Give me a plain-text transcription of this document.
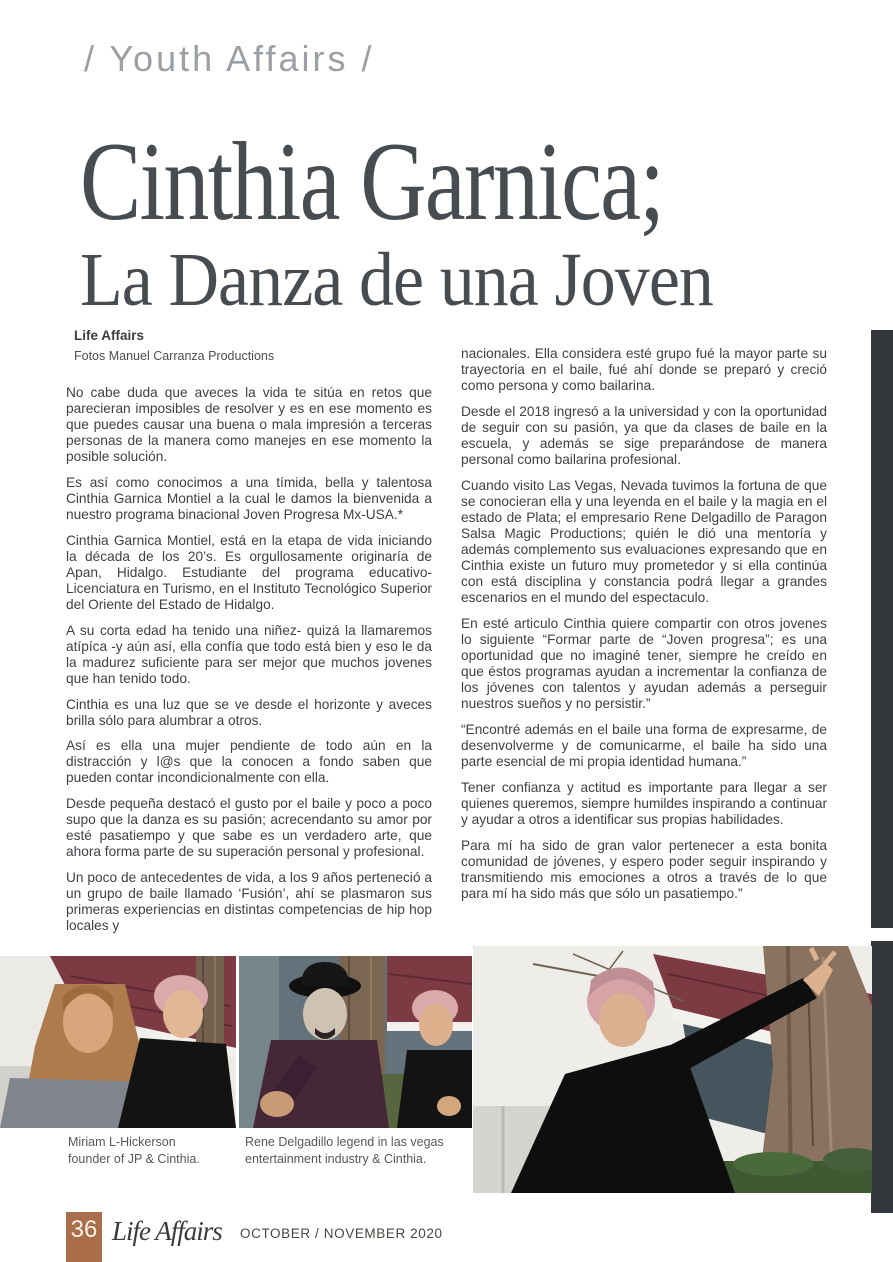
/ Youth Affairs /
Cinthia Garnica;
La Danza de una Joven
Life Affairs
Fotos Manuel Carranza Productions

No cabe duda que aveces la vida te sitúa en retos que parecieran imposibles de resolver y es en ese momento es que puedes causar una buena o mala impresión a terceras personas de la manera como manejes en ese momento la posible solución.

Es así como conocimos a una tímida, bella y talentosa Cinthia Garnica Montiel a la cual le damos la bienvenida a nuestro programa binacional Joven Progresa Mx-USA.*

Cinthia Garnica Montiel, está en la etapa de vida iniciando la década de los 20’s. Es orgullosamente originaría de Apan, Hidalgo. Estudiante del programa educativo- Licenciatura en Turismo, en el Instituto Tecnológico Superior del Oriente del Estado de Hidalgo.

A su corta edad ha tenido una niñez- quizá la llamaremos atípíca -y aún así, ella confía que todo está bien y eso le da la madurez suficiente para ser mejor que muchos jovenes que han tenido todo.

Cinthia es una luz que se ve desde el horizonte y aveces brilla sólo para alumbrar a otros.

Así es ella una mujer pendiente de todo aún en la distracción y l@s que la conocen a fondo saben que pueden contar incondicionalmente con ella.

Desde pequeña destacó el gusto por el baile y poco a poco supo que la danza es su pasión; acrecendanto su amor por esté pasatiempo y que sabe es un verdadero arte, que ahora forma parte de su superación personal y profesional.

Un poco de antecedentes de vida, a los 9 años perteneció a un grupo de baile llamado ‘Fusión’, ahí se plasmaron sus primeras experiencias en distintas competencias de hip hop locales y

nacionales. Ella considera esté grupo fué la mayor parte su trayectoria en el baile, fué ahí donde se preparó y creció como persona y como bailarina.

Desde el 2018 ingresó a la universidad y con la oportunidad de seguir con su pasión, ya que da clases de baile en la escuela, y además se sige preparándose de manera personal como bailarina profesional.

Cuando visito Las Vegas, Nevada tuvimos la fortuna de que se conocieran ella y una leyenda en el baile y la magia en el estado de Plata; el empresario Rene Delgadillo de Paragon Salsa Magic Productions; quién le dió una mentoría y además complemento sus evaluaciones expresando que en Cinthia existe un futuro muy prometedor y si ella continúa con está disciplina y constancia podrá llegar a grandes escenarios en el mundo del espectaculo.

En esté articulo Cinthia quiere compartir con otros jovenes lo siguiente “Formar parte de “Joven progresa”; es una oportunidad que no imaginé tener, siempre he creído en que éstos programas ayudan a incrementar la confianza de los jóvenes con talentos y ayudan además a perseguir nuestros sueños y no persistir.”

“Encontré además en el baile una forma de expresarme, de desenvolverme y de comunicarme, el baile ha sido una parte esencial de mi propia identidad humana.”

Tener confianza y actitud es importante para llegar a ser quienes queremos, siempre humildes inspirando a continuar y ayudar a otros a identificar sus propias habilidades.

Para mí ha sido de gran valor pertenecer a esta bonita comunidad de jóvenes, y espero poder seguir inspirando y transmitiendo mis emociones a otros a través de lo que para mí ha sido más que sólo un pasatiempo.”

Miriam L-Hickerson
founder of JP & Cinthia.
Rene Delgadillo legend in las vegas
entertainment industry & Cinthia.
36 Life Affairs OCTOBER / NOVEMBER 2020
